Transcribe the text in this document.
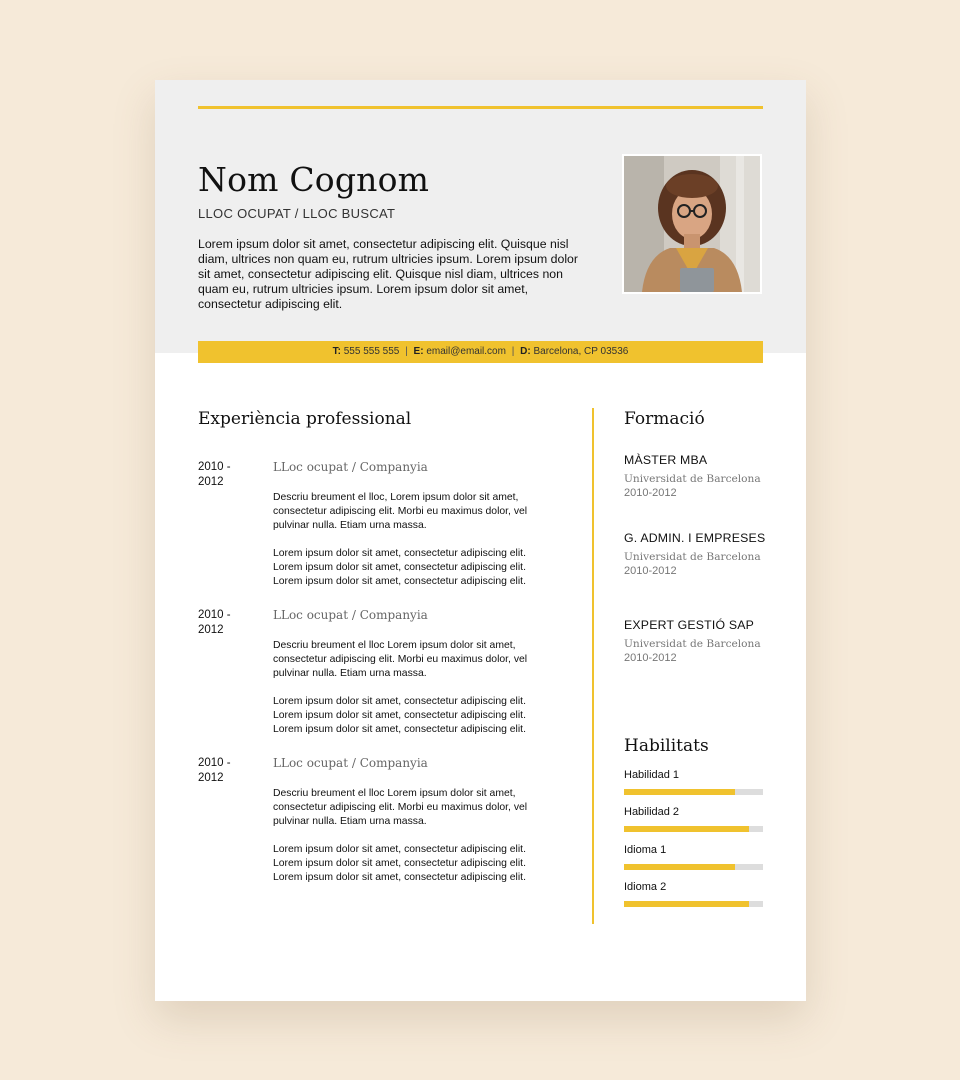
Nom Cognom
LLOC OCUPAT / LLOC BUSCAT

Lorem ipsum dolor sit amet, consectetur adipiscing elit. Quisque nisl diam, ultrices non quam eu, rutrum ultricies ipsum. Lorem ipsum dolor sit amet, consectetur adipiscing elit. Quisque nisl diam, ultrices non quam eu, rutrum ultricies ipsum. Lorem ipsum dolor sit amet, consectetur adipiscing elit.

T: 555 555 555 | E: email@email.com | D: Barcelona, CP 03536
Experiència professional
2010 -
2012
LLoc ocupat / Companyia

Descriu breument el lloc, Lorem ipsum dolor sit amet, consectetur adipiscing elit. Morbi eu maximus dolor, vel pulvinar nulla. Etiam urna massa.

Lorem ipsum dolor sit amet, consectetur adipiscing elit. Lorem ipsum dolor sit amet, consectetur adipiscing elit. Lorem ipsum dolor sit amet, consectetur adipiscing elit.

2010 -
2012
LLoc ocupat / Companyia

Descriu breument el lloc Lorem ipsum dolor sit amet, consectetur adipiscing elit. Morbi eu maximus dolor, vel pulvinar nulla. Etiam urna massa.

Lorem ipsum dolor sit amet, consectetur adipiscing elit. Lorem ipsum dolor sit amet, consectetur adipiscing elit. Lorem ipsum dolor sit amet, consectetur adipiscing elit.

2010 -
2012
LLoc ocupat / Companyia

Descriu breument el lloc Lorem ipsum dolor sit amet, consectetur adipiscing elit. Morbi eu maximus dolor, vel pulvinar nulla. Etiam urna massa.

Lorem ipsum dolor sit amet, consectetur adipiscing elit. Lorem ipsum dolor sit amet, consectetur adipiscing elit. Lorem ipsum dolor sit amet, consectetur adipiscing elit.

Formació
MÀSTER MBA
Universidat de Barcelona
2010-2012
G. ADMIN. I EMPRESES
Universidat de Barcelona
2010-2012
EXPERT GESTIÓ SAP
Universidat de Barcelona
2010-2012
Habilitats
Habilidad 1
Habilidad 2
Idioma 1
Idioma 2
